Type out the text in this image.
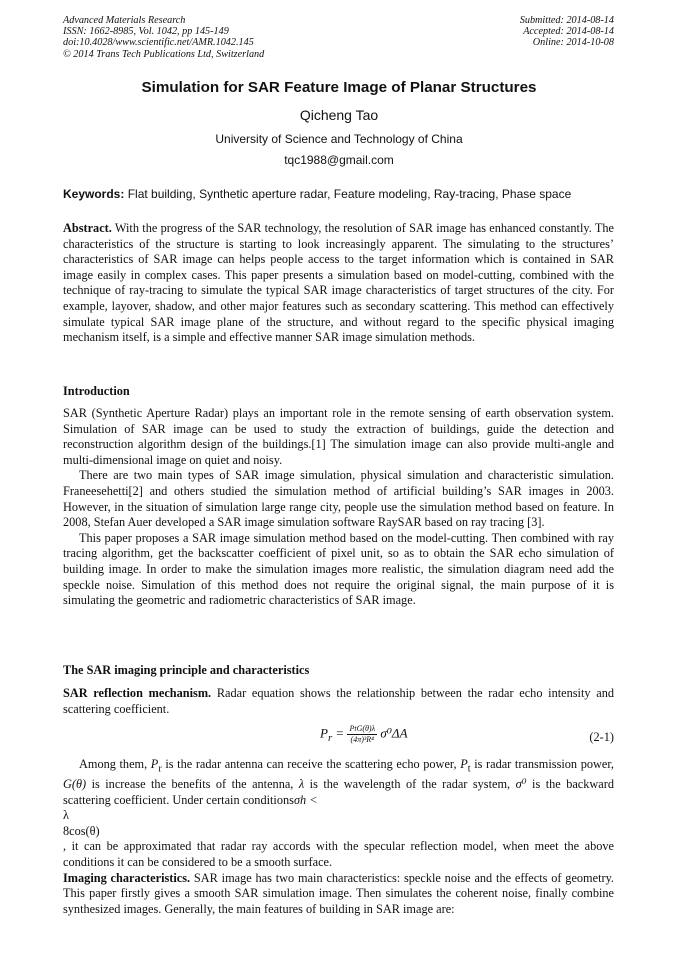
Advanced Materials Research
ISSN: 1662-8985, Vol. 1042, pp 145-149
doi:10.4028/www.scientific.net/AMR.1042.145
© 2014 Trans Tech Publications Ltd, Switzerland
Submitted: 2014-08-14
Accepted: 2014-08-14
Online: 2014-10-08
Simulation for SAR Feature Image of Planar Structures
Qicheng Tao
University of Science and Technology of China
tqc1988@gmail.com
Keywords: Flat building, Synthetic aperture radar, Feature modeling, Ray-tracing, Phase space

Abstract. With the progress of the SAR technology, the resolution of SAR image has enhanced constantly. The characteristics of the structure is starting to look increasingly apparent. The simulating to the structures’ characteristics of SAR image can helps people access to the target information which is contained in SAR image easily in complex cases. This paper presents a simulation based on model-cutting, combined with the technique of ray-tracing to simulate the typical SAR image characteristics of target structures of the city. For example, layover, shadow, and other major features such as secondary scattering. This method can effectively simulate typical SAR image plane of the structure, and without regard to the specific physical imaging mechanism itself, is a simple and effective manner SAR image simulation methods.

Introduction

SAR (Synthetic Aperture Radar) plays an important role in the remote sensing of earth observation system. Simulation of SAR image can be used to study the extraction of buildings, guide the detection and reconstruction algorithm design of the buildings.[1] The simulation image can also provide multi-angle and multi-dimensional image on quiet and noisy.

There are two main types of SAR image simulation, physical simulation and characteristic simulation. Franeesehetti[2] and others studied the simulation method of artificial building’s SAR images in 2003. However, in the situation of simulation large range city, people use the simulation method based on feature. In 2008, Stefan Auer developed a SAR image simulation software RaySAR based on ray tracing [3].

This paper proposes a SAR image simulation method based on the model-cutting. Then combined with ray tracing algorithm, get the backscatter coefficient of pixel unit, so as to obtain the SAR echo simulation of building image. In order to make the simulation images more realistic, the simulation diagram need add the speckle noise. Simulation of this method does not require the original signal, the main purpose of it is simulating the geometric and radiometric characteristics of SAR image.

The SAR imaging principle and characteristics

SAR reflection mechanism. Radar equation shows the relationship between the radar echo intensity and scattering coefficient.

$P_r = \frac{\text{PtG(θ)λ}}{\text{(4π)³R⁴}} \sigma^0\Delta A$	(2-1)

Among them, $P_r$ is the radar antenna can receive the scattering echo power, $P_t$ is radar transmission power, G(θ) is increase the benefits of the antenna, λ is the wavelength of the radar system, σ⁰ is the backward scattering coefficient. Under certain conditionsσh <

λ
8cos(θ)
, it can be approximated that radar ray accords with the specular reflection model, when meet the above conditions it can be considered to be a smooth surface.

Imaging characteristics. SAR image has two main characteristics: speckle noise and the effects of geometry. This paper firstly gives a smooth SAR simulation image. Then simulates the coherent noise, finally combine synthesized images. Generally, the main features of building in SAR image are:
